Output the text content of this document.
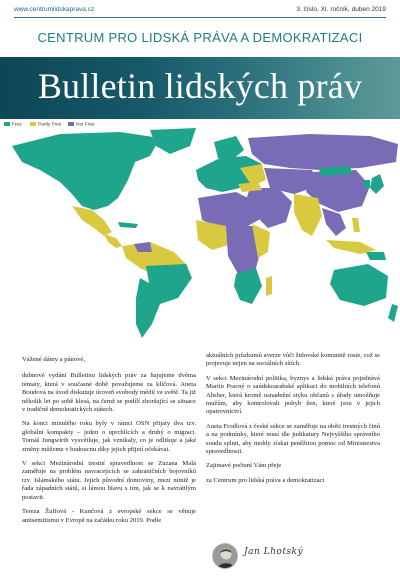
www.centrumlidskaprava.cz	3. číslo, XI. ročník, duben 2019
CENTRUM PRO LIDSKÁ PRÁVA A DEMOKRATIZACI
Bulletin lidských práv
Free	Partly Free	Not Free

Vážené dámy a pánové,

dubnové vydání Bulletinu lidských práv za hajujeme dvěma tématy, která v současné době považujeme za klíčová. Aneta Boudová na úvod diskutuje úroveň svobody médií ve světě. Ta již několik let po sobě klesá, na čemž se podílí zhoršující se situace v tradičně demokratických státech.

Na konci minulého roku byly v rámci OSN přijaty dva tzv. globální kompakty – jeden o uprchlících a druhý o migraci. Tomáš Jungwirth vysvětluje, jak vznikaly, co je odlišuje a jaké změny můžeme v budoucnu díky jejich přijetí očekávat.

V sekci Mezinárodní trestní spravedlnost se Zuzana Malá zaměřuje na problém navracejících se zahraničních bojovníků tzv. Islámského státu. Jejich původní domoviny, mezi nimiž je řada západních států, si lámou hlavu s tím, jak se k navrátilým postavit.

Tereza Žuffová - Kunčová z evropské sekce se věnuje antisemitismu v Evropě na začátku roku 2019. Podle

aktuálních průzkumů averze vůči židovské komunitě roste, což se projevuje nejen na sociálních sítích.

V sekci Mezinárodní politika, byznys a lidská práva pojednává Martin Pracný o saúdskoarabské aplikaci do mobilních telefonů Absher, která kromě usnadnění styku občanů s úřady umožňuje mužům, aby kontrolovali pohyb žen, které jsou v jejich opatrovnictví.

Aneta Frodlová z české sekce se zaměřuje na oběti trestných činů a na podmínky, které musí dle judikatury Nejvyššího správního soudu splnit, aby mohly získat peněžitou pomoc od Ministerstva spravedlnosti.

Zajímavé počtení Vám přeje

za Centrum pro lidská práva a demokratizaci

Jan Lhotský
